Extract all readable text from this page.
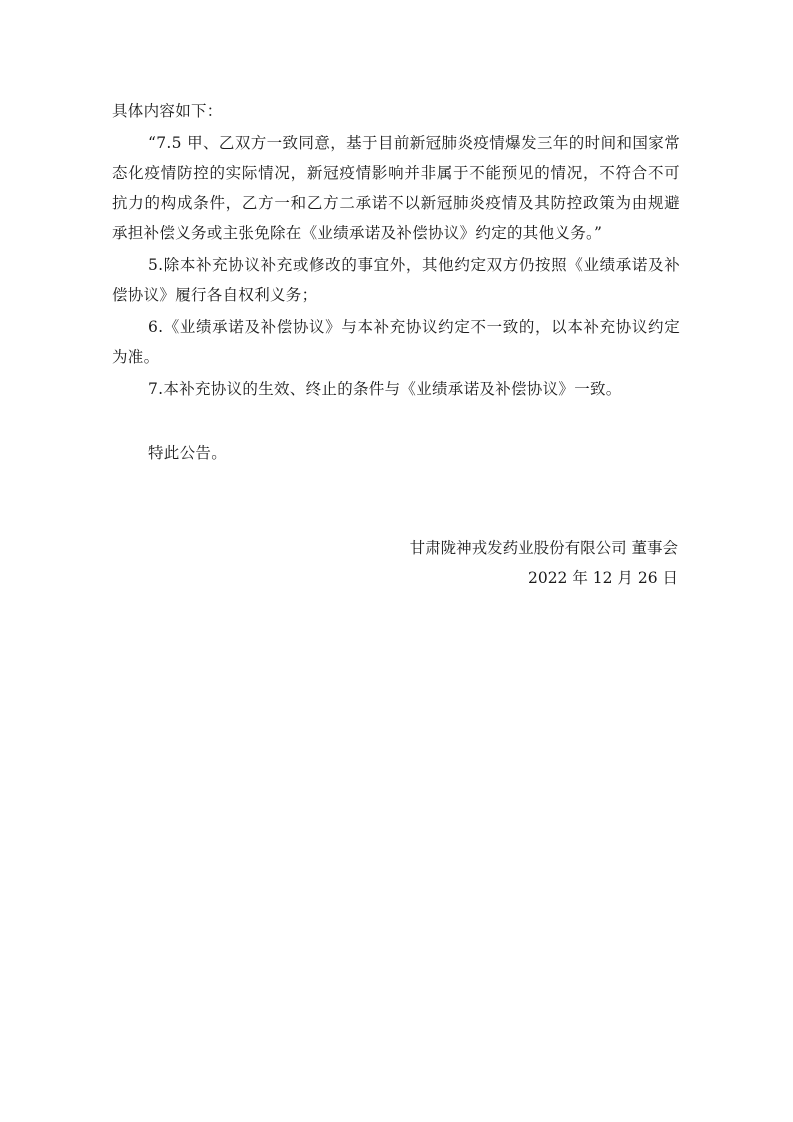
具体内容如下：

“7.5 甲、乙双方一致同意，基于目前新冠肺炎疫情爆发三年的时间和国家常态化疫情防控的实际情况，新冠疫情影响并非属于不能预见的情况，不符合不可抗力的构成条件，乙方一和乙方二承诺不以新冠肺炎疫情及其防控政策为由规避承担补偿义务或主张免除在《业绩承诺及补偿协议》约定的其他义务。”

5.除本补充协议补充或修改的事宜外，其他约定双方仍按照《业绩承诺及补偿协议》履行各自权利义务；

6.《业绩承诺及补偿协议》与本补充协议约定不一致的，以本补充协议约定为准。

7.本补充协议的生效、终止的条件与《业绩承诺及补偿协议》一致。

特此公告。

甘肃陇神戎发药业股份有限公司 董事会
2022 年 12 月 26 日
